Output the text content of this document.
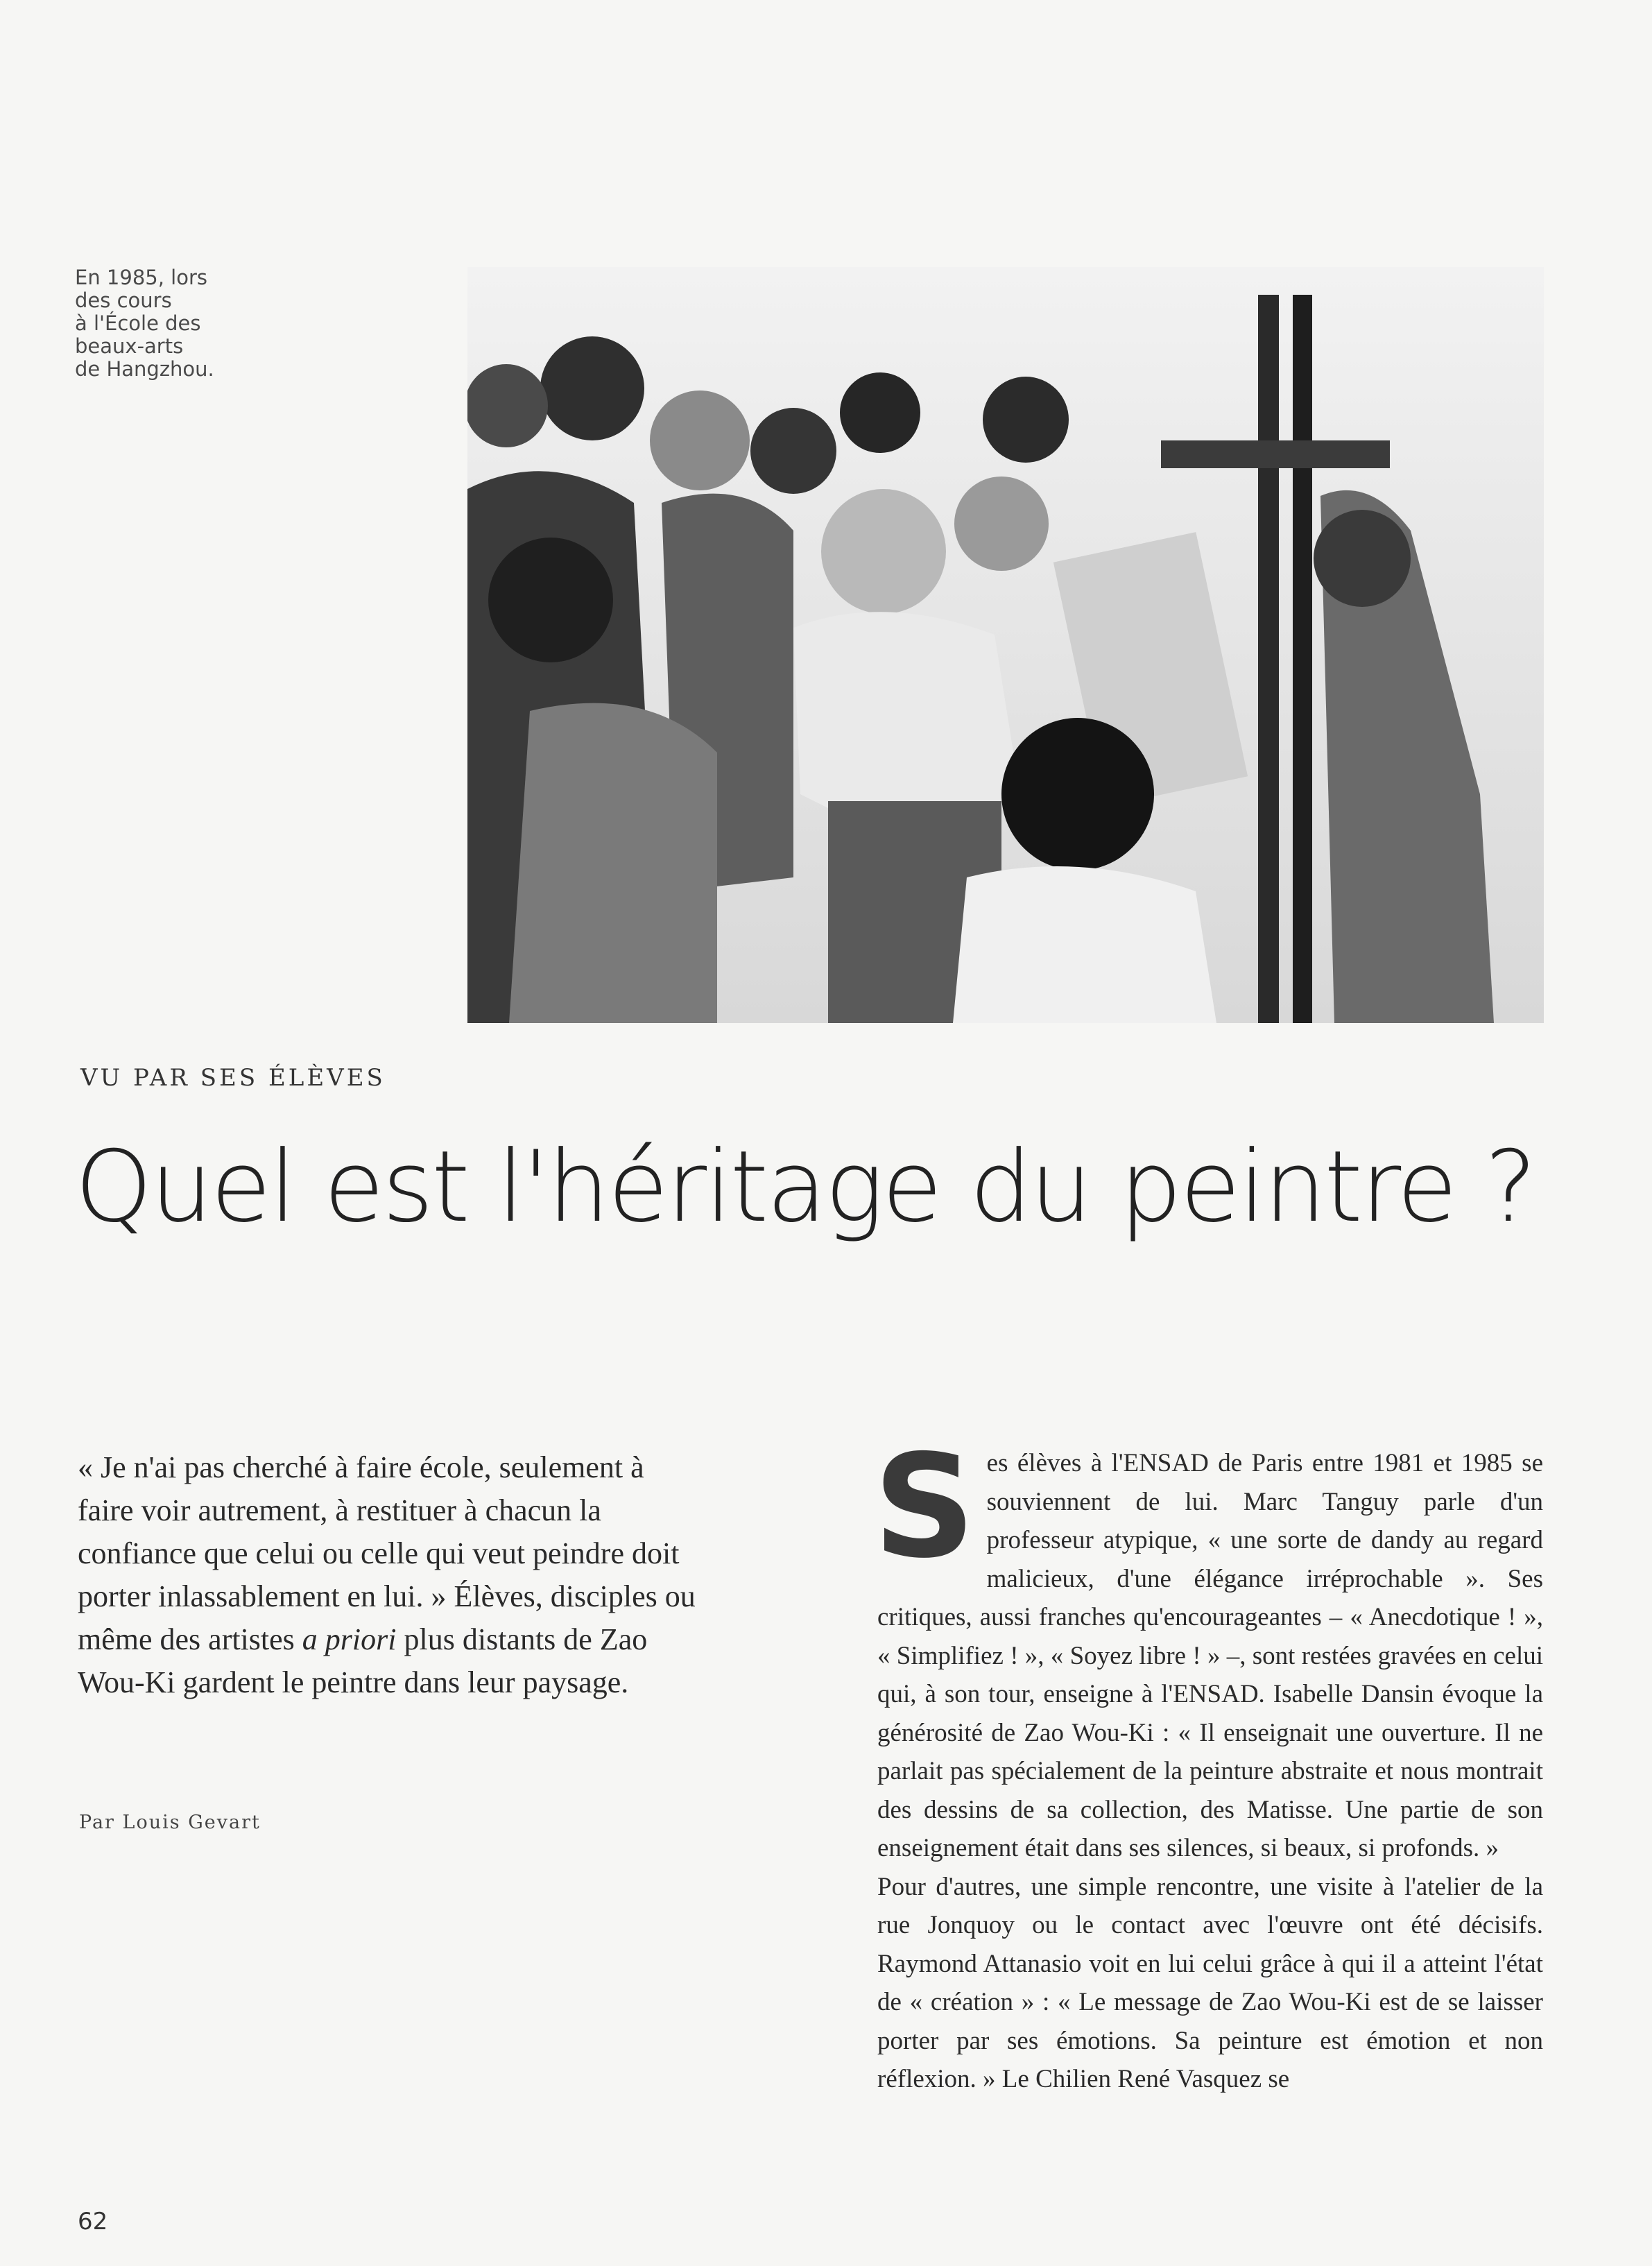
En 1985, lors
des cours
à l'École des
beaux-arts
de Hangzhou.
VU PAR SES ÉLÈVES
Quel est l'héritage du peintre ?
« Je n'ai pas cherché à faire école, seulement à faire voir autrement, à restituer à chacun la confiance que celui ou celle qui veut peindre doit porter inlassablement en lui. » Élèves, disciples ou même des artistes a priori plus distants de Zao Wou-Ki gardent le peintre dans leur paysage.
Par Louis Gevart

Ses élèves à l'ENSAD de Paris entre 1981 et 1985 se souviennent de lui. Marc Tanguy parle d'un professeur atypique, « une sorte de dandy au regard malicieux, d'une élégance irréprochable ». Ses critiques, aussi franches qu'encourageantes – « Anecdotique ! », « Simplifiez ! », « Soyez libre ! » –, sont restées gravées en celui qui, à son tour, enseigne à l'ENSAD. Isabelle Dansin évoque la générosité de Zao Wou-Ki : « Il enseignait une ouverture. Il ne parlait pas spécialement de la peinture abstraite et nous montrait des dessins de sa collection, des Matisse. Une partie de son enseignement était dans ses silences, si beaux, si profonds. »

Pour d'autres, une simple rencontre, une visite à l'atelier de la rue Jonquoy ou le contact avec l'œuvre ont été décisifs. Raymond Attanasio voit en lui celui grâce à qui il a atteint l'état de « création » : « Le message de Zao Wou-Ki est de se laisser porter par ses émotions. Sa peinture est émotion et non réflexion. » Le Chilien René Vasquez se

62
